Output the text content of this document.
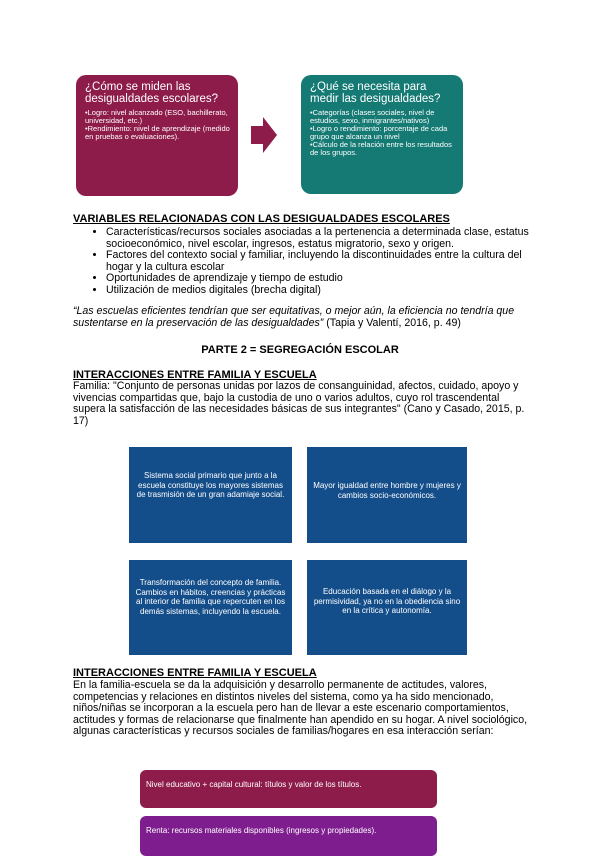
¿Cómo se miden las desigualdades escolares?
• Logro: nivel alcanzado (ESO, bachillerato, universidad, etc.)
• Rendimiento: nivel de aprendizaje (medido en pruebas o evaluaciones).
¿Qué se necesita para medir las desigualdades?
• Categorías (clases sociales, nivel de estudios, sexo, inmigrantes/nativos)
• Logro o rendimiento: porcentaje de cada grupo que alcanza un nivel
• Cálculo de la relación entre los resultados de los grupos.
VARIABLES RELACIONADAS CON LAS DESIGUALDADES ESCOLARES
• Características/recursos sociales asociadas a la pertenencia a determinada clase, estatus socioeconómico, nivel escolar, ingresos, estatus migratorio, sexo y origen.
• Factores del contexto social y familiar, incluyendo la discontinuidades entre la cultura del hogar y la cultura escolar
• Oportunidades de aprendizaje y tiempo de estudio
• Utilización de medios digitales (brecha digital)
“Las escuelas eficientes tendrían que ser equitativas, o mejor aún, la eficiencia no tendría que sustentarse en la preservación de las desigualdades” (Tapia y Valentí, 2016, p. 49)
PARTE 2 = SEGREGACIÓN ESCOLAR
INTERACCIONES ENTRE FAMILIA Y ESCUELA
Familia: "Conjunto de personas unidas por lazos de consanguinidad, afectos, cuidado, apoyo y vivencias compartidas que, bajo la custodia de uno o varios adultos, cuyo rol trascendental supera la satisfacción de las necesidades básicas de sus integrantes" (Cano y Casado, 2015, p. 17)
Sistema social primario que junto a la escuela constituye los mayores sistemas de trasmisión de un gran adamiaje social.
Mayor igualdad entre hombre y mujeres y cambios socio-económicos.
Transformación del concepto de familia. Cambios en hábitos, creencias y prácticas al interior de familia que repercuten en los demás sistemas, incluyendo la escuela.
Educación basada en el diálogo y la permisividad, ya no en la obediencia sino en la crítica y autonomía.
INTERACCIONES ENTRE FAMILIA Y ESCUELA
En la familia-escuela se da la adquisición y desarrollo permanente de actitudes, valores, competencias y relaciones en distintos niveles del sistema, como ya ha sido mencionado, niños/niñas se incorporan a la escuela pero han de llevar a este escenario comportamientos, actitudes y formas de relacionarse que finalmente han apendido en su hogar. A nivel sociológico, algunas características y recursos sociales de familias/hogares en esa interacción serían:
Nivel educativo + capital cultural: títulos y valor de los títulos.
Renta: recursos materiales disponibles (ingresos y propiedades).
